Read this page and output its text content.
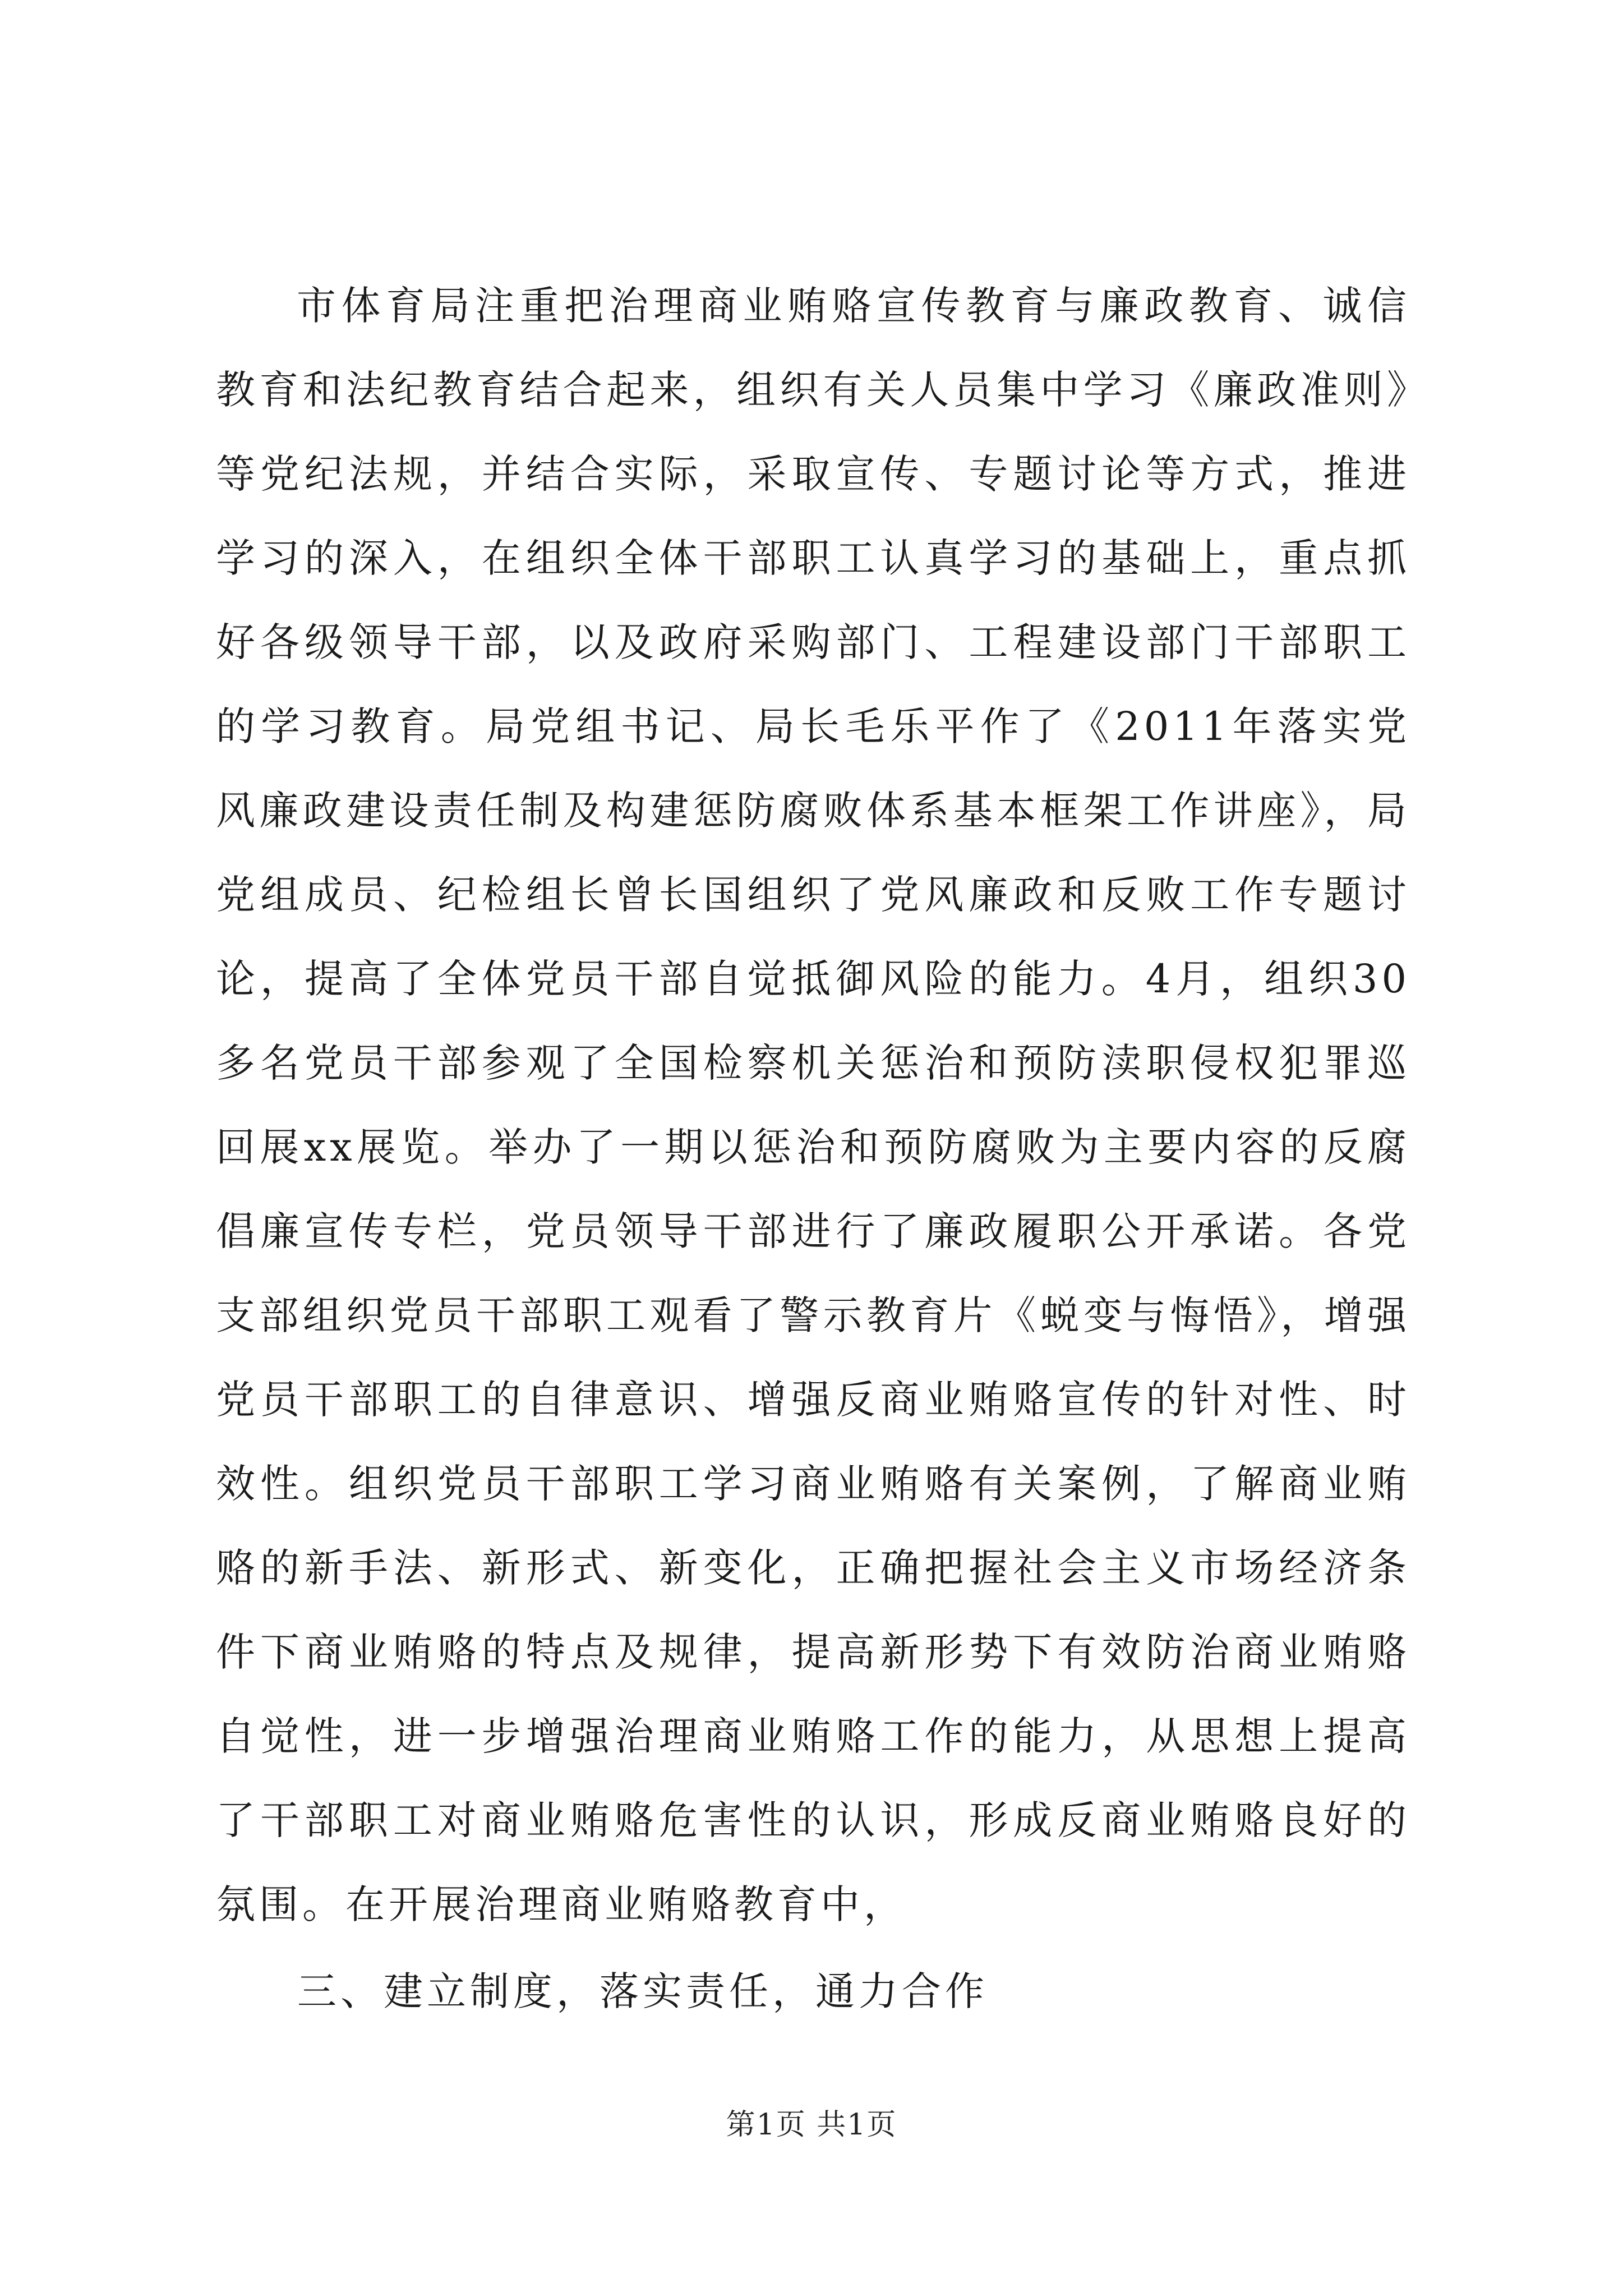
市体育局注重把治理商业贿赂宣传教育与廉政教育、诚信教育和法纪教育结合起来，组织有关人员集中学习《廉政准则》等党纪法规，并结合实际，采取宣传、专题讨论等方式，推进学习的深入，在组织全体干部职工认真学习的基础上，重点抓好各级领导干部，以及政府采购部门、工程建设部门干部职工的学习教育。局党组书记、局长毛乐平作了《2011年落实党风廉政建设责任制及构建惩防腐败体系基本框架工作讲座》，局党组成员、纪检组长曾长国组织了党风廉政和反败工作专题讨论，提高了全体党员干部自觉抵御风险的能力。4月，组织30多名党员干部参观了全国检察机关惩治和预防渎职侵权犯罪巡回展xx展览。举办了一期以惩治和预防腐败为主要内容的反腐倡廉宣传专栏，党员领导干部进行了廉政履职公开承诺。各党支部组织党员干部职工观看了警示教育片《蜕变与悔悟》，增强党员干部职工的自律意识、增强反商业贿赂宣传的针对性、时效性。组织党员干部职工学习商业贿赂有关案例，了解商业贿赂的新手法、新形式、新变化，正确把握社会主义市场经济条件下商业贿赂的特点及规律，提高新形势下有效防治商业贿赂自觉性，进一步增强治理商业贿赂工作的能力，从思想上提高了干部职工对商业贿赂危害性的认识，形成反商业贿赂良好的氛围。在开展治理商业贿赂教育中，

三、建立制度，落实责任，通力合作

第1页 共1页
